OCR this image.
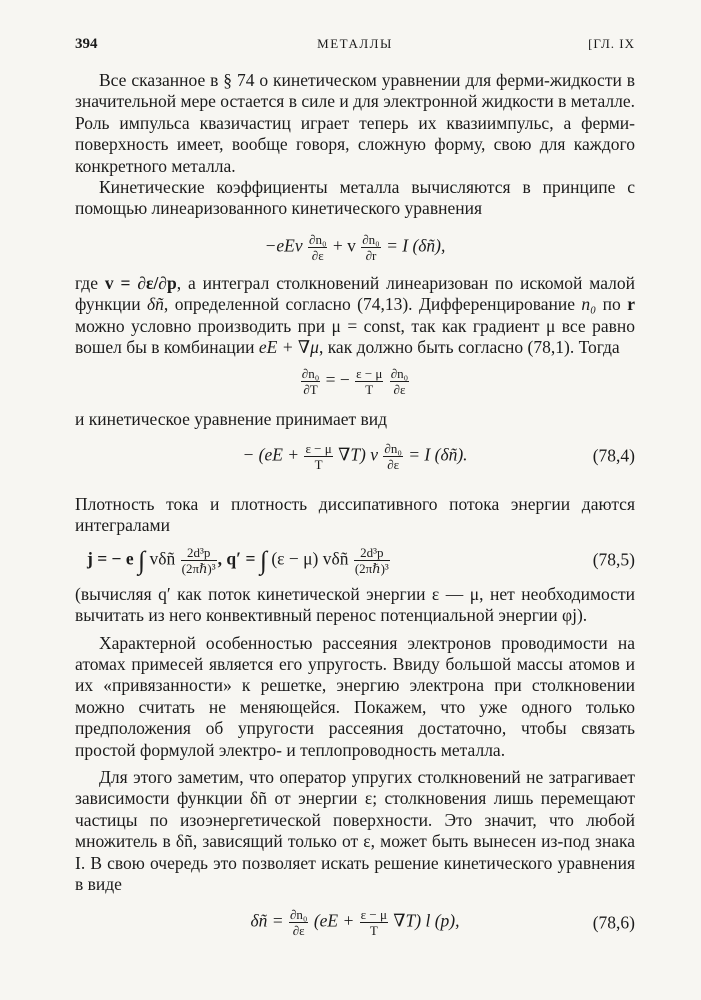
394	МЕТАЛЛЫ	[ГЛ. IX

Все сказанное в § 74 о кинетическом уравнении для ферми-жидкости в значительной мере остается в силе и для электронной жидкости в металле. Роль импульса квазичастиц играет теперь их квазиимпульс, а ферми-поверхность имеет, вообще говоря, сложную форму, свою для каждого конкретного металла.

Кинетические коэффициенты металла вычисляются в принципе с помощью линеаризованного кинетического уравнения

$-eEv \frac{\text{∂n₀}}{\partial\varepsilon} + v \frac{\text{∂n₀}}{\partial r} = I$ (δñ),

где v = ∂ε/∂p, а интеграл столкновений линеаризован по искомой малой функции δñ, определенной согласно (74,13). Дифференцирование n₀ по r можно условно производить при μ = const, так как градиент μ все равно вошел бы в комбинации eE + ∇μ, как должно быть согласно (78,1). Тогда

$\frac{\text{∂n₀}}{\partial T}$ = − $\frac{\varepsilon - \mu}{T}$
$\frac{\text{∂n₀}}{\partial\varepsilon}$

и кинетическое уравнение принимает вид

− $(eE + \frac{\varepsilon - \mu}{T} \nabla T)$ v $\frac{\text{∂n₀}}{\partial\varepsilon} = I$ (δñ).	(78,4)

Плотность тока и плотность диссипативного потока энергии даются интегралами

j = − e ∫ vδñ $\frac{\text{2d³p}}{\text{(2πℏ)³}}$ , q′ = ∫ (ε − μ) vδñ $\frac{\text{2d³p}}{\text{(2πℏ)³}}$	(78,5)

(вычисляя q′ как поток кинетической энергии ε — μ, нет необходимости вычитать из него конвективный перенос потенциальной энергии φj).

Характерной особенностью рассеяния электронов проводимости на атомах примесей является его упругость. Ввиду большой массы атомов и их «привязанности» к решетке, энергию электрона при столкновении можно считать не меняющейся. Покажем, что уже одного только предположения об упругости рассеяния достаточно, чтобы связать простой формулой электро- и теплопроводность металла.

Для этого заметим, что оператор упругих столкновений не затрагивает зависимости функции δñ от энергии ε; столкновения лишь перемещают частицы по изоэнергетической поверхности. Это значит, что любой множитель в δñ, зависящий только от ε, может быть вынесен из-под знака I. В свою очередь это позволяет искать решение кинетического уравнения в виде

δñ = $\frac{\text{∂n₀}}{\partial\varepsilon} (eE + \frac{\varepsilon - \mu}{T} \nabla T)$ l (p),	(78,6)
